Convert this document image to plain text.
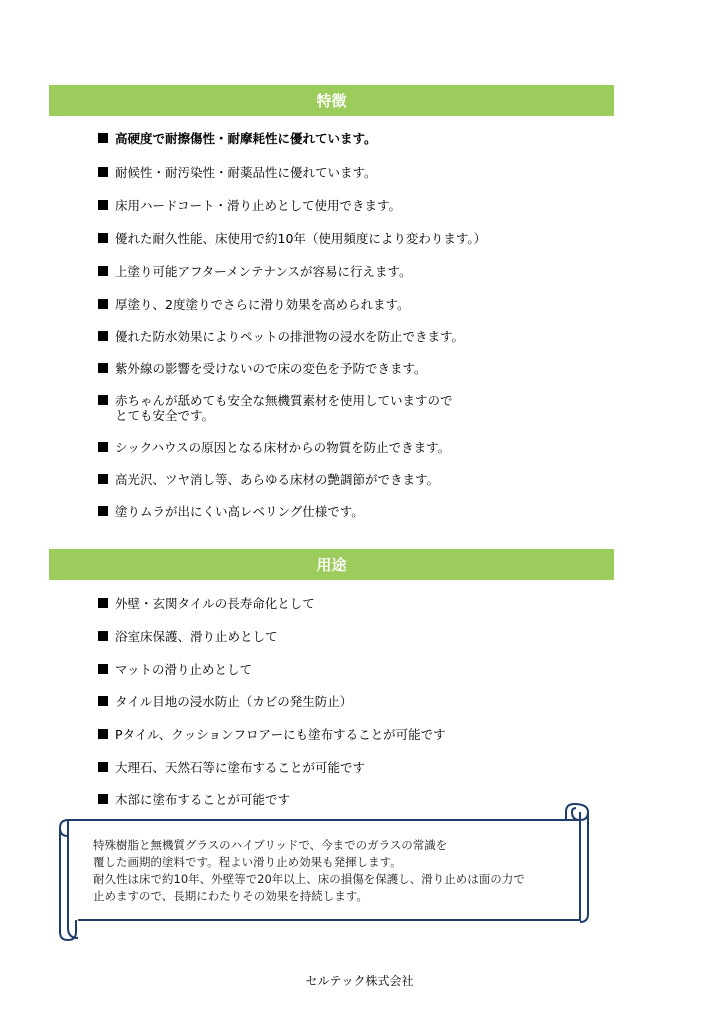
特徴
高硬度で耐擦傷性・耐摩耗性に優れています。
耐候性・耐汚染性・耐薬品性に優れています。
床用ハードコート・滑り止めとして使用できます。
優れた耐久性能、床使用で約10年（使用頻度により変わります。）
上塗り可能アフターメンテナンスが容易に行えます。
厚塗り、2度塗りでさらに滑り効果を高められます。
優れた防水効果によりペットの排泄物の浸水を防止できます。
紫外線の影響を受けないので床の変色を予防できます。
赤ちゃんが舐めても安全な無機質素材を使用していますので
とても安全です。
シックハウスの原因となる床材からの物質を防止できます。
高光沢、ツヤ消し等、あらゆる床材の艶調節ができます。
塗りムラが出にくい高レベリング仕様です。
用途
外壁・玄関タイルの長寿命化として
浴室床保護、滑り止めとして
マットの滑り止めとして
タイル目地の浸水防止（カビの発生防止）
Pタイル、クッションフロアーにも塗布することが可能です
大理石、天然石等に塗布することが可能です
木部に塗布することが可能です
特殊樹脂と無機質グラスのハイブリッドで、今までのガラスの常識を
覆した画期的塗料です。程よい滑り止め効果も発揮します。
耐久性は床で約10年、外壁等で20年以上、床の損傷を保護し、滑り止めは面の力で
止めますので、長期にわたりその効果を持続します。
セルテック株式会社
